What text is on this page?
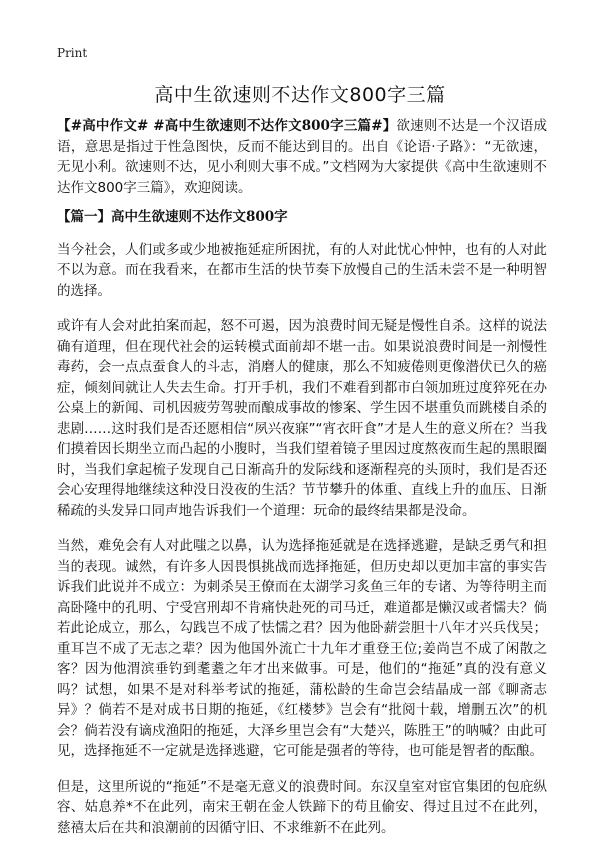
Print
高中生欲速则不达作文800字三篇

【#高中作文# #高中生欲速则不达作文800字三篇#】欲速则不达是一个汉语成语，意思是指过于性急图快，反而不能达到目的。出自《论语·子路》：“无欲速，无见小利。欲速则不达，见小利则大事不成。”文档网为大家提供《高中生欲速则不达作文800字三篇》，欢迎阅读。

【篇一】高中生欲速则不达作文800字

当今社会，人们或多或少地被拖延症所困扰，有的人对此忧心忡忡，也有的人对此不以为意。而在我看来，在都市生活的快节奏下放慢自己的生活未尝不是一种明智的选择。

或许有人会对此拍案而起，怒不可遏，因为浪费时间无疑是慢性自杀。这样的说法确有道理，但在现代社会的运转模式面前却不堪一击。如果说浪费时间是一剂慢性毒药，会一点点蚕食人的斗志，消磨人的健康，那么不知疲倦则更像潜伏已久的癌症，倾刻间就让人失去生命。打开手机，我们不难看到都市白领加班过度猝死在办公桌上的新闻、司机因疲劳驾驶而酿成事故的惨案、学生因不堪重负而跳楼自杀的悲剧……这时我们是否还愿相信“夙兴夜寐”“宵衣旰食”才是人生的意义所在？当我们摸着因长期坐立而凸起的小腹时，当我们望着镜子里因过度熬夜而生起的黑眼圈时，当我们拿起梳子发现自己日渐高升的发际线和逐渐程亮的头顶时，我们是否还会心安理得地继续这种没日没夜的生活？节节攀升的体重、直线上升的血压、日渐稀疏的头发异口同声地告诉我们一个道理：玩命的最终结果都是没命。

当然，难免会有人对此嗤之以鼻，认为选择拖延就是在选择逃避，是缺乏勇气和担当的表现。诚然，有许多人因畏惧挑战而选择拖延，但历史却以更加丰富的事实告诉我们此说并不成立：为刺杀吴王僚而在太湖学习炙鱼三年的专诸、为等待明主而高卧隆中的孔明、宁受宫刑却不肯痛快赴死的司马迁，难道都是懒汉或者懦夫？倘若此论成立，那么，勾践岂不成了怯懦之君？因为他卧薪尝胆十八年才兴兵伐吴；重耳岂不成了无志之辈？因为他国外流亡十九年才重登王位;姜尚岂不成了闲散之客？因为他渭滨垂钓到耄耋之年才出来做事。可是，他们的“拖延”真的没有意义吗？试想，如果不是对科举考试的拖延，蒲松龄的生命岂会结晶成一部《聊斋志异》？倘若不是对成书日期的拖延，《红楼梦》岂会有“批阅十载，增删五次”的机会？倘若没有谪戍渔阳的拖延，大泽乡里岂会有“大楚兴，陈胜王”的呐喊？由此可见，选择拖延不一定就是选择逃避，它可能是强者的等待，也可能是智者的酝酿。

但是，这里所说的“拖延”不是毫无意义的浪费时间。东汉皇室对宦官集团的包庇纵容、姑息养*不在此列，南宋王朝在金人铁蹄下的苟且偷安、得过且过不在此列，慈禧太后在共和浪潮前的因循守旧、不求维新不在此列。
